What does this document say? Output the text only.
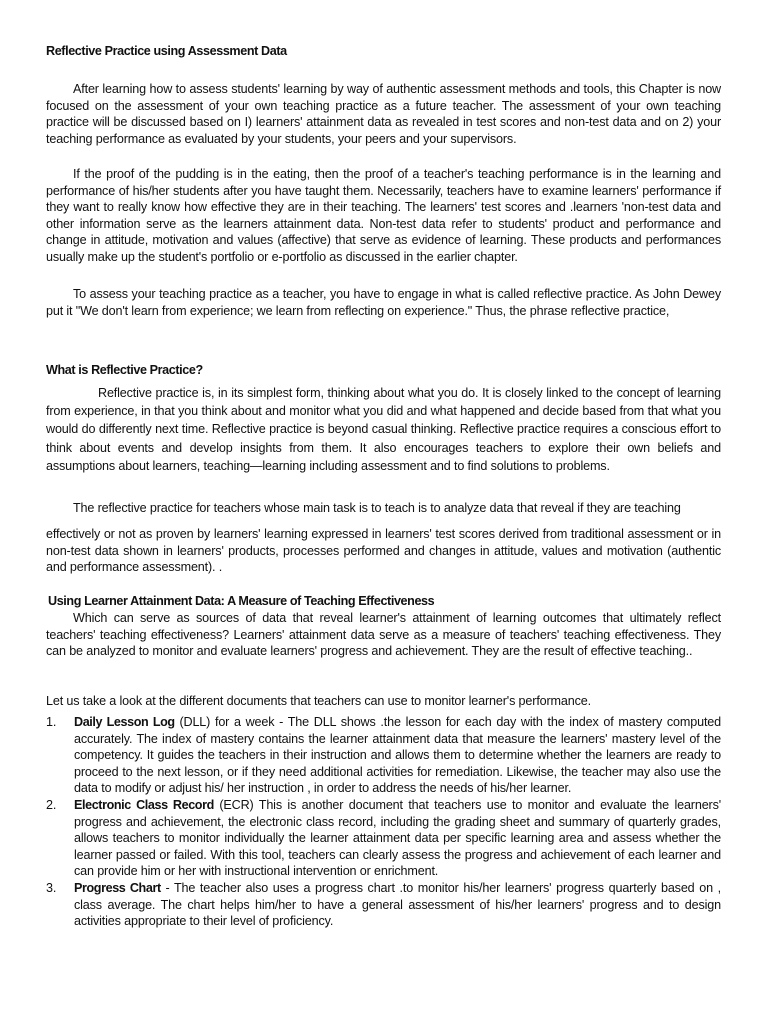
Reflective Practice using Assessment Data

After learning how to assess students' learning by way of authentic assessment methods and tools, this Chapter is now focused on the assessment of your own teaching practice as a future teacher. The assessment of your own teaching practice will be discussed based on I) learners' attainment data as revealed in test scores and non-test data and on 2) your teaching performance as evaluated by your students, your peers and your supervisors.

If the proof of the pudding is in the eating, then the proof of a teacher's teaching performance is in the learning and performance of his/her students after you have taught them. Necessarily, teachers have to examine learners' performance if they want to really know how effective they are in their teaching. The learners' test scores and .learners 'non-test data and other information serve as the learners attainment data. Non-test data refer to students' product and performance and change in attitude, motivation and values (affective) that serve as evidence of learning. These products and performances usually make up the student's portfolio or e-portfolio as discussed in the earlier chapter.

To assess your teaching practice as a teacher, you have to engage in what is called reflective practice. As John Dewey put it "We don't learn from experience; we learn from reflecting on experience." Thus, the phrase reflective practice,

What is Reflective Practice?

Reflective practice is, in its simplest form, thinking about what you do. It is closely linked to the concept of learning from experience, in that you think about and monitor what you did and what happened and decide based from that what you would do differently next time. Reflective practice is beyond casual thinking. Reflective practice requires a conscious effort to think about events and develop insights from them. It also encourages teachers to explore their own beliefs and assumptions about learners, teaching—learning including assessment and to find solutions to problems.

The reflective practice for teachers whose main task is to teach is to analyze data that reveal if they are teaching

effectively or not as proven by learners' learning expressed in learners' test scores derived from traditional assessment or in non-test data shown in learners' products, processes performed and changes in attitude, values and motivation (authentic and performance assessment). .

Using Learner Attainment Data: A Measure of Teaching Effectiveness

Which can serve as sources of data that reveal learner's attainment of learning outcomes that ultimately reflect teachers' teaching effectiveness? Learners' attainment data serve as a measure of teachers' teaching effectiveness. They can be analyzed to monitor and evaluate learners' progress and achievement. They are the result of effective teaching..

Let us take a look at the different documents that teachers can use to monitor learner's performance.

1. Daily Lesson Log (DLL) for a week - The DLL shows .the lesson for each day with the index of mastery computed accurately. The index of mastery contains the learner attainment data that measure the learners' mastery level of the competency. It guides the teachers in their instruction and allows them to determine whether the learners are ready to proceed to the next lesson, or if they need additional activities for remediation. Likewise, the teacher may also use the data to modify or adjust his/ her instruction , in order to address the needs of his/her learner.
2. Electronic Class Record (ECR) This is another document that teachers use to monitor and evaluate the learners' progress and achievement, the electronic class record, including the grading sheet and summary of quarterly grades, allows teachers to monitor individually the learner attainment data per specific learning area and assess whether the learner passed or failed. With this tool, teachers can clearly assess the progress and achievement of each learner and can provide him or her with instructional intervention or enrichment.
3. Progress Chart - The teacher also uses a progress chart .to monitor his/her learners' progress quarterly based on , class average. The chart helps him/her to have a general assessment of his/her learners' progress and to design activities appropriate to their level of proficiency.
